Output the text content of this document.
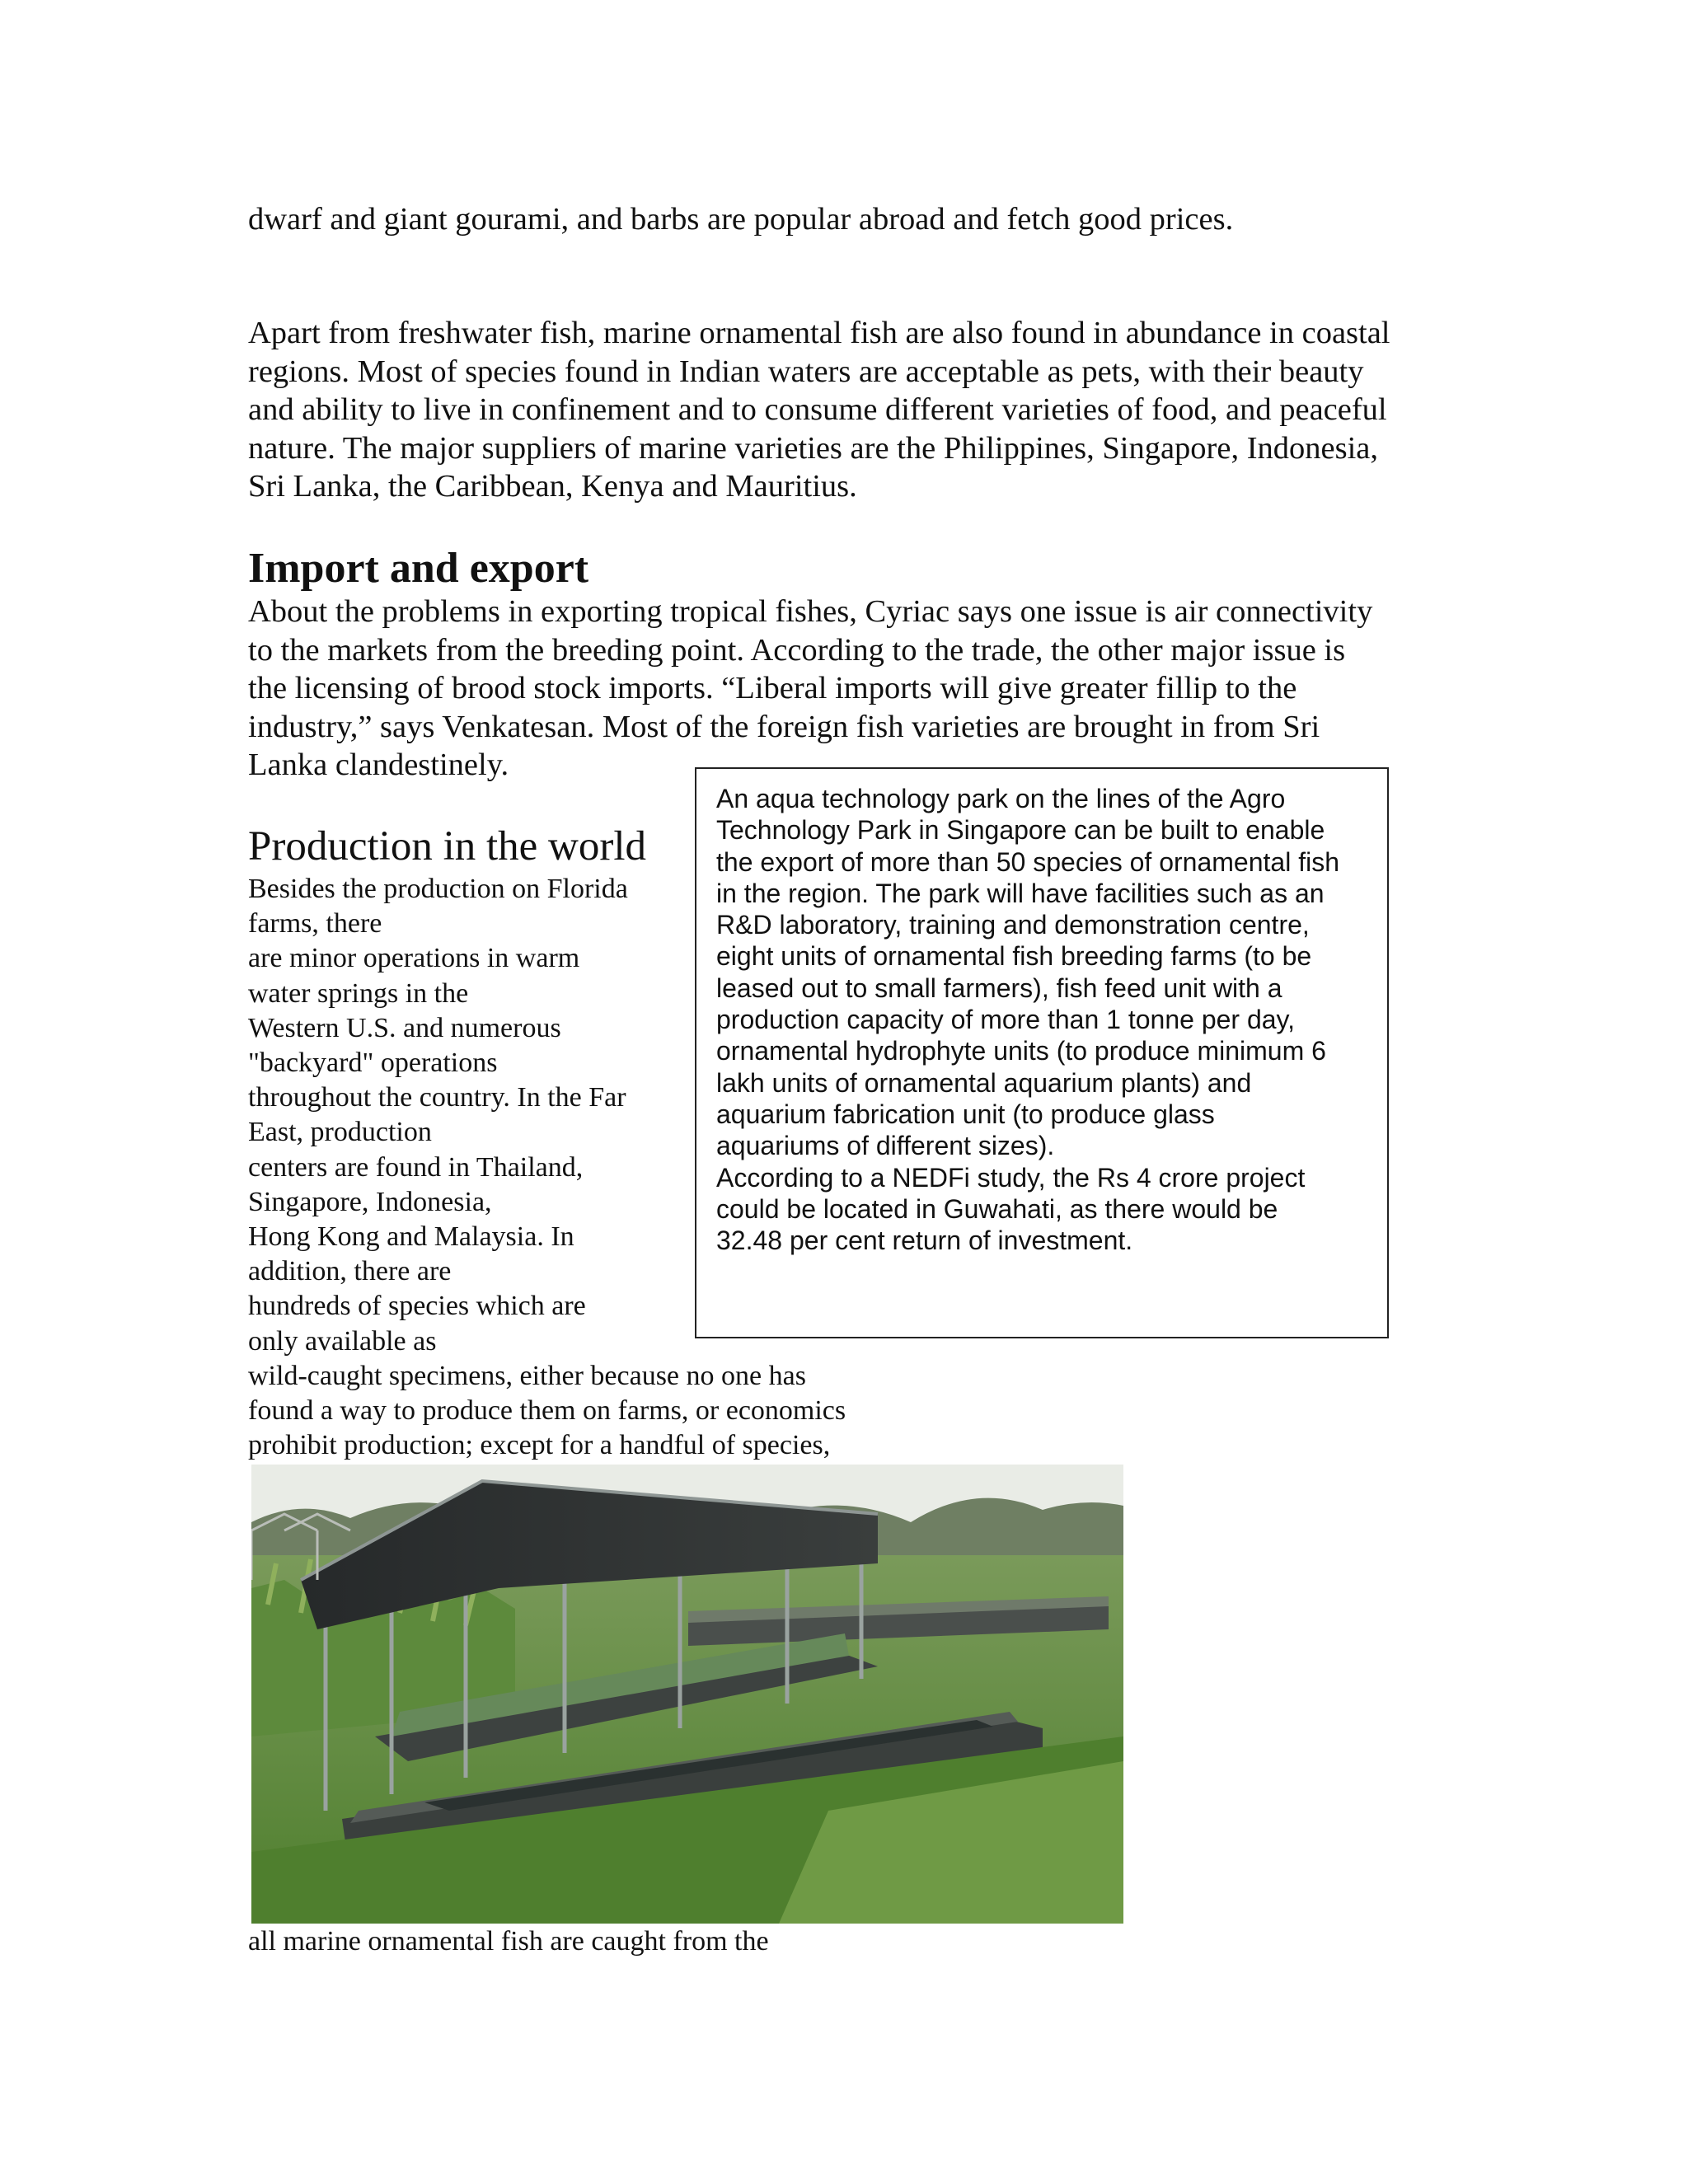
dwarf and giant gourami, and barbs are popular abroad and fetch good prices.
Apart from freshwater fish, marine ornamental fish are also found in abundance in coastal
regions. Most of species found in Indian waters are acceptable as pets, with their beauty
and ability to live in confinement and to consume different varieties of food, and peaceful
nature. The major suppliers of marine varieties are the Philippines, Singapore, Indonesia,
Sri Lanka, the Caribbean, Kenya and Mauritius.
Import and export
About the problems in exporting tropical fishes, Cyriac says one issue is air connectivity
to the markets from the breeding point. According to the trade, the other major issue is
the licensing of brood stock imports. “Liberal imports will give greater fillip to the
industry,” says Venkatesan. Most of the foreign fish varieties are brought in from Sri
Lanka clandestinely.
Production in the world
Besides the production on Florida
farms, there
are minor operations in warm
water springs in the
Western U.S. and numerous
"backyard" operations
throughout the country. In the Far
East, production
centers are found in Thailand,
Singapore, Indonesia,
Hong Kong and Malaysia. In
addition, there are
hundreds of species which are
only available as
wild-caught specimens, either because no one has
found a way to produce them on farms, or economics
prohibit production; except for a handful of species,
An aqua technology park on the lines of the Agro
Technology Park in Singapore can be built to enable
the export of more than 50 species of ornamental fish
in the region. The park will have facilities such as an
R&D laboratory, training and demonstration centre,
eight units of ornamental fish breeding farms (to be
leased out to small farmers), fish feed unit with a
production capacity of more than 1 tonne per day,
ornamental hydrophyte units (to produce minimum 6
lakh units of ornamental aquarium plants) and
aquarium fabrication unit (to produce glass
aquariums of different sizes).
According to a NEDFi study, the Rs 4 crore project
could be located in Guwahati, as there would be
32.48 per cent return of investment.
all marine ornamental fish are caught from the
